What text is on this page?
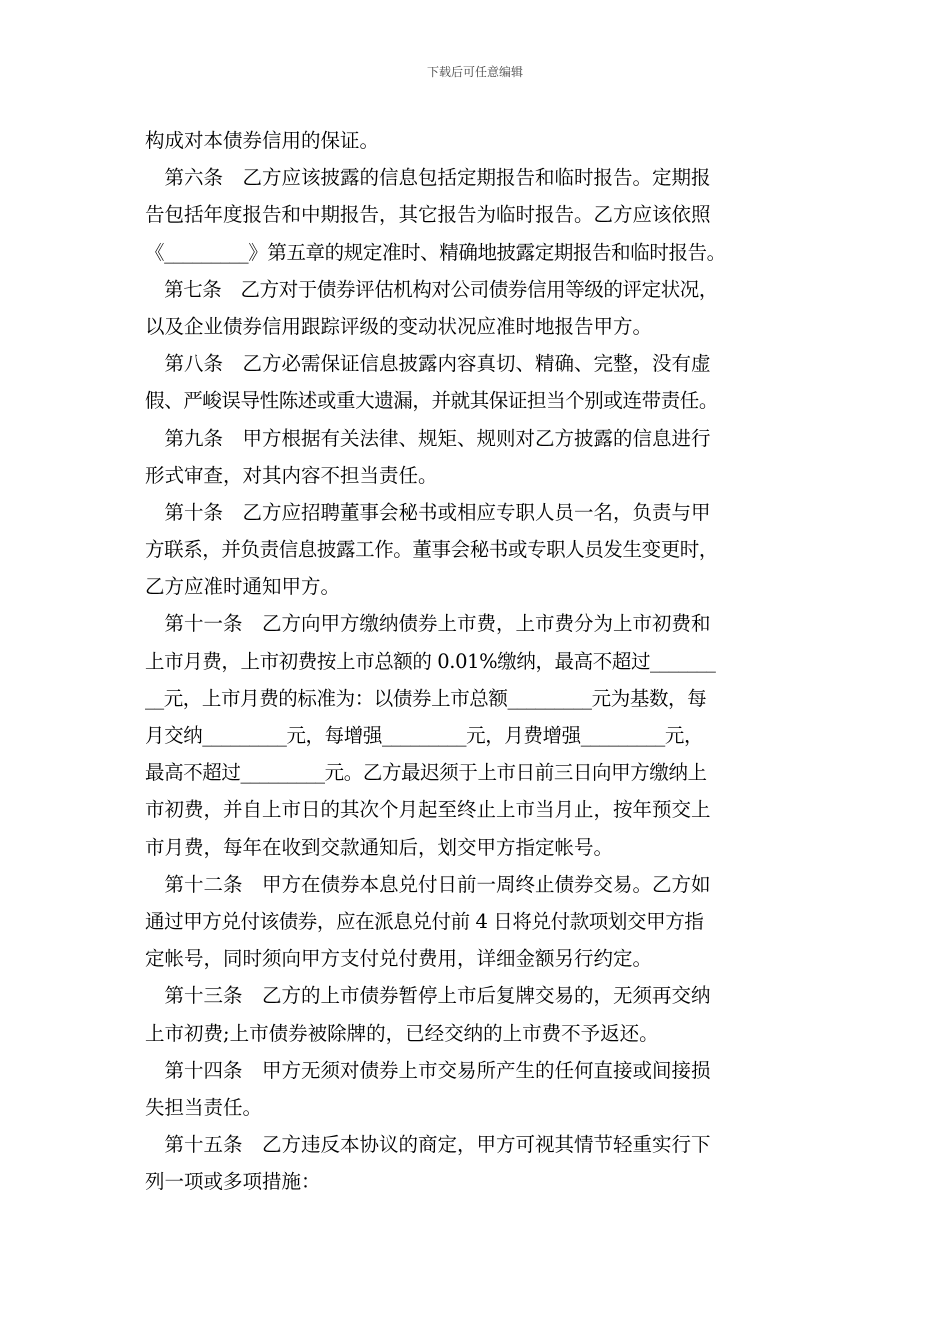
下载后可任意编辑
构成对本债券信用的保证。
　第六条　乙方应该披露的信息包括定期报告和临时报告。定期报
告包括年度报告和中期报告，其它报告为临时报告。乙方应该依照
《_________》第五章的规定准时、精确地披露定期报告和临时报告。
　第七条　乙方对于债券评估机构对公司债券信用等级的评定状况，
以及企业债券信用跟踪评级的变动状况应准时地报告甲方。
　第八条　乙方必需保证信息披露内容真切、精确、完整，没有虚
假、严峻误导性陈述或重大遗漏，并就其保证担当个别或连带责任。
　第九条　甲方根据有关法律、规矩、规则对乙方披露的信息进行
形式审查，对其内容不担当责任。
　第十条　乙方应招聘董事会秘书或相应专职人员一名，负责与甲
方联系，并负责信息披露工作。董事会秘书或专职人员发生变更时，
乙方应准时通知甲方。
　第十一条　乙方向甲方缴纳债券上市费，上市费分为上市初费和
上市月费，上市初费按上市总额的 0.01%缴纳，最高不超过_______
__元，上市月费的标准为：以债券上市总额_________元为基数，每
月交纳_________元，每增强_________元，月费增强_________元，
最高不超过_________元。乙方最迟须于上市日前三日向甲方缴纳上
市初费，并自上市日的其次个月起至终止上市当月止，按年预交上
市月费，每年在收到交款通知后，划交甲方指定帐号。
　第十二条　甲方在债券本息兑付日前一周终止债券交易。乙方如
通过甲方兑付该债券，应在派息兑付前 4 日将兑付款项划交甲方指
定帐号，同时须向甲方支付兑付费用，详细金额另行约定。
　第十三条　乙方的上市债券暂停上市后复牌交易的，无须再交纳
上市初费;上市债券被除牌的，已经交纳的上市费不予返还。
　第十四条　甲方无须对债券上市交易所产生的任何直接或间接损
失担当责任。
　第十五条　乙方违反本协议的商定，甲方可视其情节轻重实行下
列一项或多项措施：
